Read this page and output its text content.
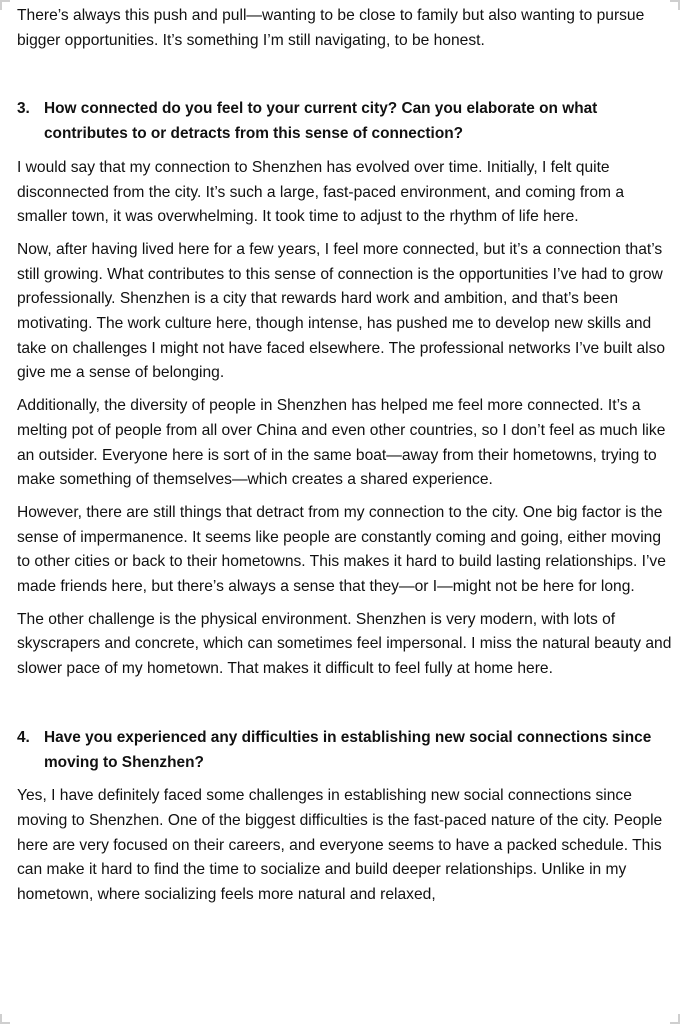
There’s always this push and pull—wanting to be close to family but also wanting to pursue bigger opportunities. It’s something I’m still navigating, to be honest.

3. How connected do you feel to your current city? Can you elaborate on what contributes to or detracts from this sense of connection?

I would say that my connection to Shenzhen has evolved over time. Initially, I felt quite disconnected from the city. It’s such a large, fast-paced environment, and coming from a smaller town, it was overwhelming. It took time to adjust to the rhythm of life here.

Now, after having lived here for a few years, I feel more connected, but it’s a connection that’s still growing. What contributes to this sense of connection is the opportunities I’ve had to grow professionally. Shenzhen is a city that rewards hard work and ambition, and that’s been motivating. The work culture here, though intense, has pushed me to develop new skills and take on challenges I might not have faced elsewhere. The professional networks I’ve built also give me a sense of belonging.

Additionally, the diversity of people in Shenzhen has helped me feel more connected. It’s a melting pot of people from all over China and even other countries, so I don’t feel as much like an outsider. Everyone here is sort of in the same boat—away from their hometowns, trying to make something of themselves—which creates a shared experience.

However, there are still things that detract from my connection to the city. One big factor is the sense of impermanence. It seems like people are constantly coming and going, either moving to other cities or back to their hometowns. This makes it hard to build lasting relationships. I’ve made friends here, but there’s always a sense that they—or I—might not be here for long.

The other challenge is the physical environment. Shenzhen is very modern, with lots of skyscrapers and concrete, which can sometimes feel impersonal. I miss the natural beauty and slower pace of my hometown. That makes it difficult to feel fully at home here.

4. Have you experienced any difficulties in establishing new social connections since moving to Shenzhen?

Yes, I have definitely faced some challenges in establishing new social connections since moving to Shenzhen. One of the biggest difficulties is the fast-paced nature of the city. People here are very focused on their careers, and everyone seems to have a packed schedule. This can make it hard to find the time to socialize and build deeper relationships. Unlike in my hometown, where socializing feels more natural and relaxed,
